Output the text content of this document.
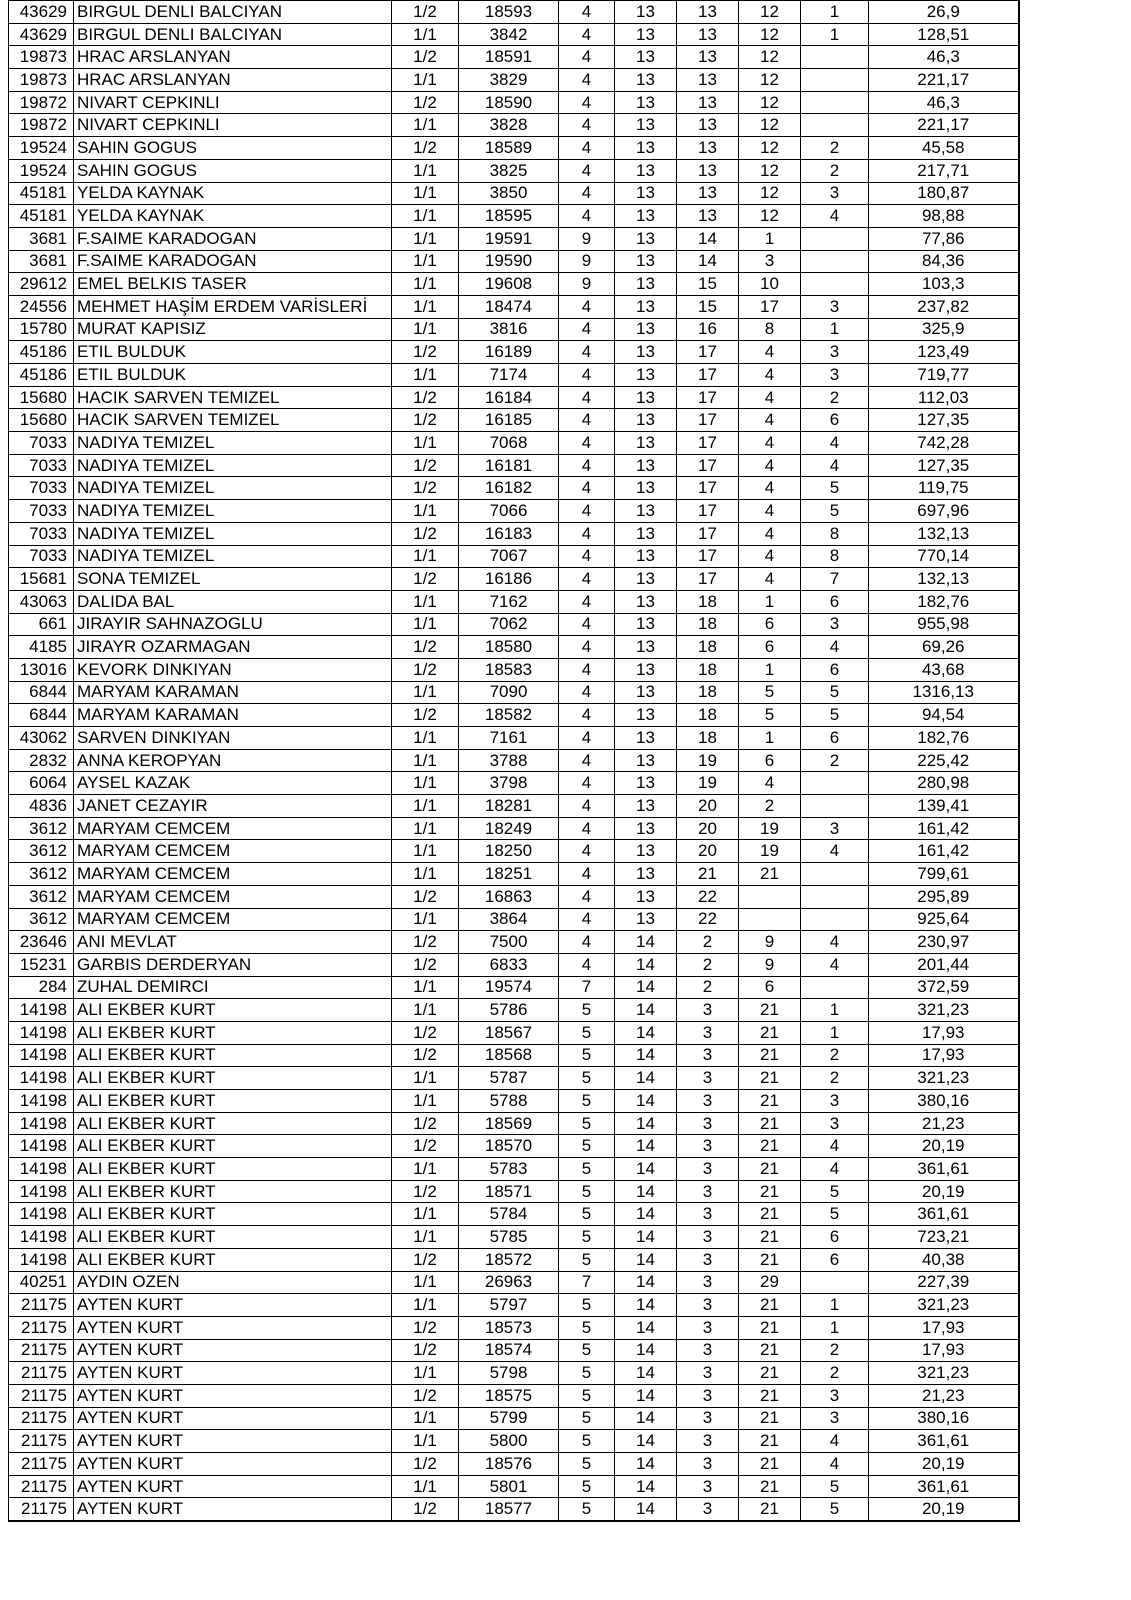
43629	BIRGUL DENLI BALCIYAN	1/2	18593	4	13	13	12	1	26,9
43629	BIRGUL DENLI BALCIYAN	1/1	3842	4	13	13	12	1	128,51
19873	HRAC ARSLANYAN	1/2	18591	4	13	13	12		46,3
19873	HRAC ARSLANYAN	1/1	3829	4	13	13	12		221,17
19872	NIVART CEPKINLI	1/2	18590	4	13	13	12		46,3
19872	NIVART CEPKINLI	1/1	3828	4	13	13	12		221,17
19524	SAHIN GOGUS	1/2	18589	4	13	13	12	2	45,58
19524	SAHIN GOGUS	1/1	3825	4	13	13	12	2	217,71
45181	YELDA KAYNAK	1/1	3850	4	13	13	12	3	180,87
45181	YELDA KAYNAK	1/1	18595	4	13	13	12	4	98,88
3681	F.SAIME KARADOGAN	1/1	19591	9	13	14	1		77,86
3681	F.SAIME KARADOGAN	1/1	19590	9	13	14	3		84,36
29612	EMEL BELKIS TASER	1/1	19608	9	13	15	10		103,3
24556	MEHMET HAŞİM ERDEM VARİSLERİ	1/1	18474	4	13	15	17	3	237,82
15780	MURAT KAPISIZ	1/1	3816	4	13	16	8	1	325,9
45186	ETIL BULDUK	1/2	16189	4	13	17	4	3	123,49
45186	ETIL BULDUK	1/1	7174	4	13	17	4	3	719,77
15680	HACIK SARVEN TEMIZEL	1/2	16184	4	13	17	4	2	112,03
15680	HACIK SARVEN TEMIZEL	1/2	16185	4	13	17	4	6	127,35
7033	NADIYA TEMIZEL	1/1	7068	4	13	17	4	4	742,28
7033	NADIYA TEMIZEL	1/2	16181	4	13	17	4	4	127,35
7033	NADIYA TEMIZEL	1/2	16182	4	13	17	4	5	119,75
7033	NADIYA TEMIZEL	1/1	7066	4	13	17	4	5	697,96
7033	NADIYA TEMIZEL	1/2	16183	4	13	17	4	8	132,13
7033	NADIYA TEMIZEL	1/1	7067	4	13	17	4	8	770,14
15681	SONA TEMIZEL	1/2	16186	4	13	17	4	7	132,13
43063	DALIDA BAL	1/1	7162	4	13	18	1	6	182,76
661	JIRAYIR SAHNAZOGLU	1/1	7062	4	13	18	6	3	955,98
4185	JIRAYR OZARMAGAN	1/2	18580	4	13	18	6	4	69,26
13016	KEVORK DINKIYAN	1/2	18583	4	13	18	1	6	43,68
6844	MARYAM KARAMAN	1/1	7090	4	13	18	5	5	1316,13
6844	MARYAM KARAMAN	1/2	18582	4	13	18	5	5	94,54
43062	SARVEN DINKIYAN	1/1	7161	4	13	18	1	6	182,76
2832	ANNA KEROPYAN	1/1	3788	4	13	19	6	2	225,42
6064	AYSEL KAZAK	1/1	3798	4	13	19	4		280,98
4836	JANET CEZAYIR	1/1	18281	4	13	20	2		139,41
3612	MARYAM CEMCEM	1/1	18249	4	13	20	19	3	161,42
3612	MARYAM CEMCEM	1/1	18250	4	13	20	19	4	161,42
3612	MARYAM CEMCEM	1/1	18251	4	13	21	21		799,61
3612	MARYAM CEMCEM	1/2	16863	4	13	22			295,89
3612	MARYAM CEMCEM	1/1	3864	4	13	22			925,64
23646	ANI MEVLAT	1/2	7500	4	14	2	9	4	230,97
15231	GARBIS DERDERYAN	1/2	6833	4	14	2	9	4	201,44
284	ZUHAL DEMIRCI	1/1	19574	7	14	2	6		372,59
14198	ALI EKBER KURT	1/1	5786	5	14	3	21	1	321,23
14198	ALI EKBER KURT	1/2	18567	5	14	3	21	1	17,93
14198	ALI EKBER KURT	1/2	18568	5	14	3	21	2	17,93
14198	ALI EKBER KURT	1/1	5787	5	14	3	21	2	321,23
14198	ALI EKBER KURT	1/1	5788	5	14	3	21	3	380,16
14198	ALI EKBER KURT	1/2	18569	5	14	3	21	3	21,23
14198	ALI EKBER KURT	1/2	18570	5	14	3	21	4	20,19
14198	ALI EKBER KURT	1/1	5783	5	14	3	21	4	361,61
14198	ALI EKBER KURT	1/2	18571	5	14	3	21	5	20,19
14198	ALI EKBER KURT	1/1	5784	5	14	3	21	5	361,61
14198	ALI EKBER KURT	1/1	5785	5	14	3	21	6	723,21
14198	ALI EKBER KURT	1/2	18572	5	14	3	21	6	40,38
40251	AYDIN OZEN	1/1	26963	7	14	3	29		227,39
21175	AYTEN KURT	1/1	5797	5	14	3	21	1	321,23
21175	AYTEN KURT	1/2	18573	5	14	3	21	1	17,93
21175	AYTEN KURT	1/2	18574	5	14	3	21	2	17,93
21175	AYTEN KURT	1/1	5798	5	14	3	21	2	321,23
21175	AYTEN KURT	1/2	18575	5	14	3	21	3	21,23
21175	AYTEN KURT	1/1	5799	5	14	3	21	3	380,16
21175	AYTEN KURT	1/1	5800	5	14	3	21	4	361,61
21175	AYTEN KURT	1/2	18576	5	14	3	21	4	20,19
21175	AYTEN KURT	1/1	5801	5	14	3	21	5	361,61
21175	AYTEN KURT	1/2	18577	5	14	3	21	5	20,19
